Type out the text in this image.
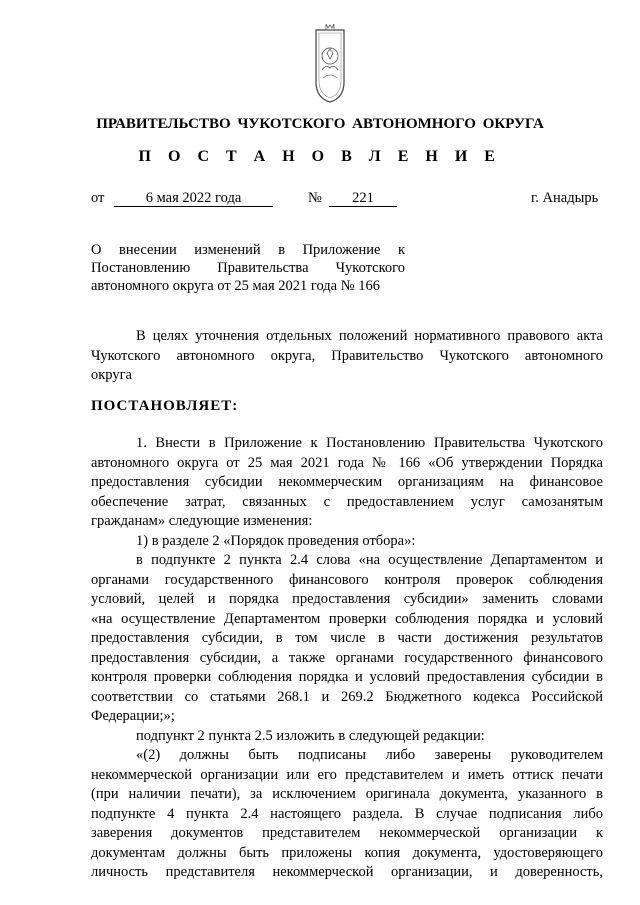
ПРАВИТЕЛЬСТВО ЧУКОТСКОГО АВТОНОМНОГО ОКРУГА
П О С Т А Н О В Л Е Н И Е
от	6 мая 2022 года	№	221	г. Анадырь
О внесении изменений в Приложение к
Постановлению Правительства Чукотского
автономного округа от 25 мая 2021 года № 166
В целях уточнения отдельных положений нормативного правового акта
Чукотского автономного округа, Правительство Чукотского автономного
округа
ПОСТАНОВЛЯЕТ:
1. Внести в Приложение к Постановлению Правительства Чукотского
автономного округа от 25 мая 2021 года № 166 «Об утверждении Порядка
предоставления субсидии некоммерческим организациям на финансовое
обеспечение затрат, связанных с предоставлением услуг самозанятым
гражданам» следующие изменения:
1) в разделе 2 «Порядок проведения отбора»:
в подпункте 2 пункта 2.4 слова «на осуществление Департаментом и
органами государственного финансового контроля проверок соблюдения
условий, целей и порядка предоставления субсидии» заменить словами
«на осуществление Департаментом проверки соблюдения порядка и условий
предоставления субсидии, в том числе в части достижения результатов
предоставления субсидии, а также органами государственного финансового
контроля проверки соблюдения порядка и условий предоставления субсидии в
соответствии со статьями 268.1 и 269.2 Бюджетного кодекса Российской
Федерации;»;
подпункт 2 пункта 2.5 изложить в следующей редакции:
«(2) должны быть подписаны либо заверены руководителем
некоммерческой организации или его представителем и иметь оттиск печати
(при наличии печати), за исключением оригинала документа, указанного в
подпункте 4 пункта 2.4 настоящего раздела. В случае подписания либо
заверения документов представителем некоммерческой организации к
документам должны быть приложены копия документа, удостоверяющего
личность представителя некоммерческой организации, и доверенность,
